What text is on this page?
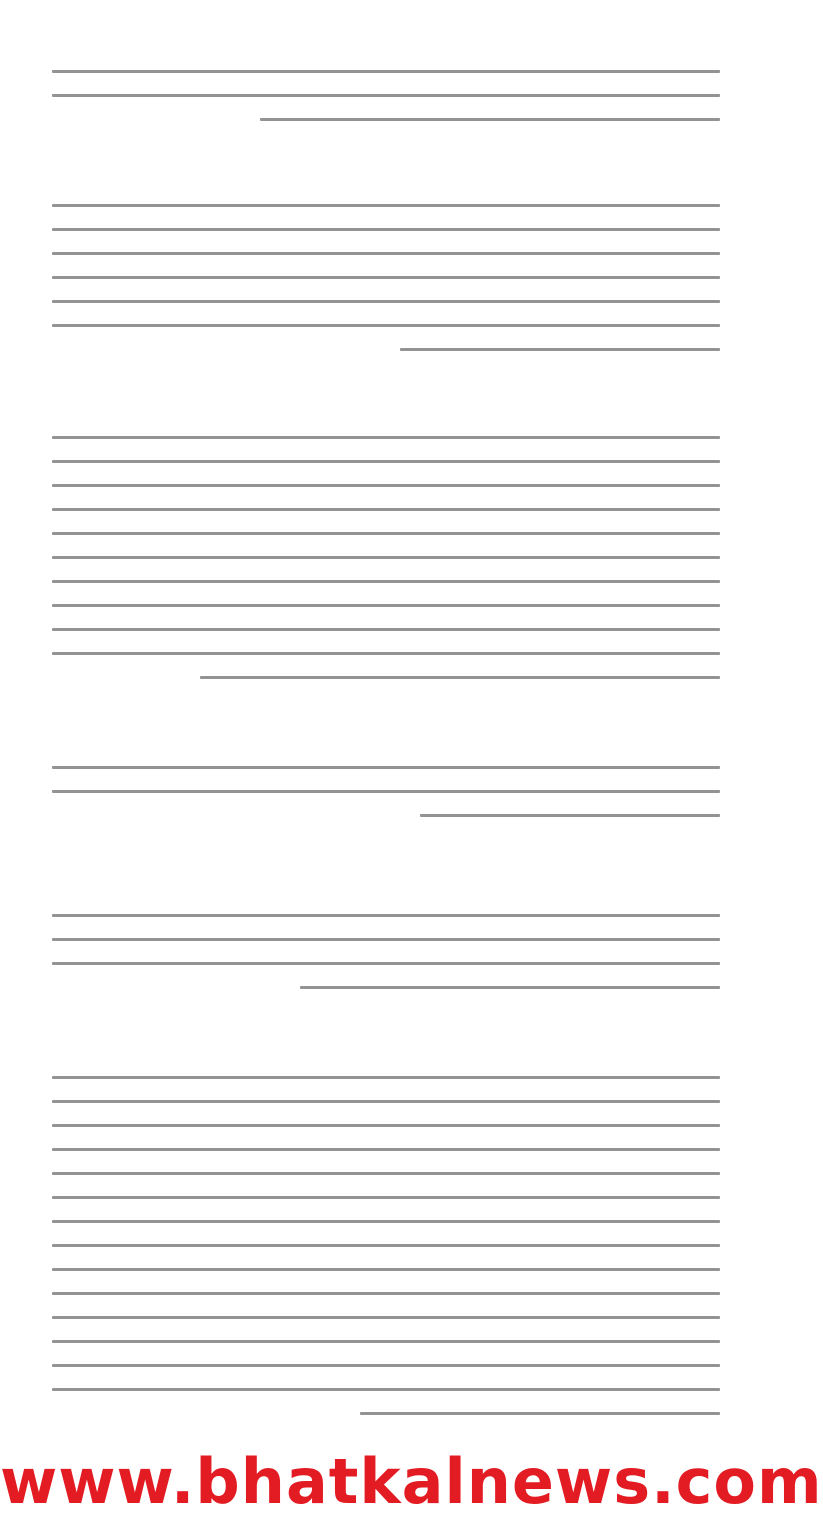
www.bhatkalnews.com
